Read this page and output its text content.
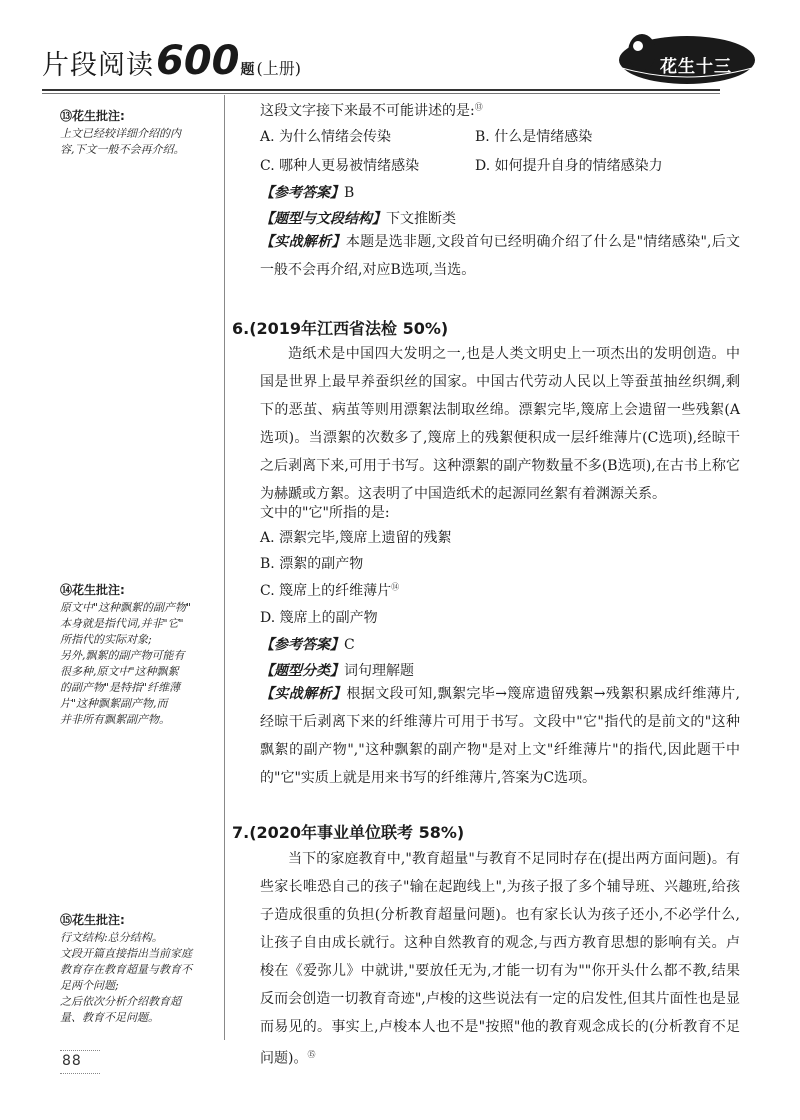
片段阅读 600 题 (上册)	花生十三
⑬花生批注:
上文已经较详细介绍的内
容,下文一般不会再介绍。
⑭花生批注:
原文中"这种飘絮的副产物"
本身就是指代词,并非"它"
所指代的实际对象;
另外,飘絮的副产物可能有
很多种,原文中"这种飘絮
的副产物"是特指"纤维薄
片"这种飘絮副产物,而
并非所有飘絮副产物。
⑮花生批注:
行文结构:总分结构。
文段开篇直接指出当前家庭
教育存在教育超量与教育不
足两个问题;
之后依次分析介绍教育超
量、教育不足问题。
这段文字接下来最不可能讲述的是:⑬
A. 为什么情绪会传染	B. 什么是情绪感染
C. 哪种人更易被情绪感染	D. 如何提升自身的情绪感染力
【参考答案】B
【题型与文段结构】下文推断类
【实战解析】本题是选非题,文段首句已经明确介绍了什么是"情绪感染",后文一般不会再介绍,对应B选项,当选。
6.(2019年江西省法检 50%)
造纸术是中国四大发明之一,也是人类文明史上一项杰出的发明创造。中国是世界上最早养蚕织丝的国家。中国古代劳动人民以上等蚕茧抽丝织绸,剩下的恶茧、病茧等则用漂絮法制取丝绵。漂絮完毕,篾席上会遗留一些残絮(A选项)。当漂絮的次数多了,篾席上的残絮便积成一层纤维薄片(C选项),经晾干之后剥离下来,可用于书写。这种漂絮的副产物数量不多(B选项),在古书上称它为赫蹏或方絮。这表明了中国造纸术的起源同丝絮有着渊源关系。
文中的"它"所指的是:
A. 漂絮完毕,篾席上遗留的残絮
B. 漂絮的副产物
C. 篾席上的纤维薄片⑭
D. 篾席上的副产物
【参考答案】C
【题型分类】词句理解题
【实战解析】根据文段可知,飘絮完毕→篾席遗留残絮→残絮积累成纤维薄片,经晾干后剥离下来的纤维薄片可用于书写。文段中"它"指代的是前文的"这种飘絮的副产物","这种飘絮的副产物"是对上文"纤维薄片"的指代,因此题干中的"它"实质上就是用来书写的纤维薄片,答案为C选项。
7.(2020年事业单位联考 58%)
当下的家庭教育中,"教育超量"与教育不足同时存在(提出两方面问题)。有些家长唯恐自己的孩子"输在起跑线上",为孩子报了多个辅导班、兴趣班,给孩子造成很重的负担(分析教育超量问题)。也有家长认为孩子还小,不必学什么,让孩子自由成长就行。这种自然教育的观念,与西方教育思想的影响有关。卢梭在《爱弥儿》中就讲,"要放任无为,才能一切有为""你开头什么都不教,结果反而会创造一切教育奇迹",卢梭的这些说法有一定的启发性,但其片面性也是显而易见的。事实上,卢梭本人也不是"按照"他的教育观念成长的(分析教育不足问题)。⑮
88
